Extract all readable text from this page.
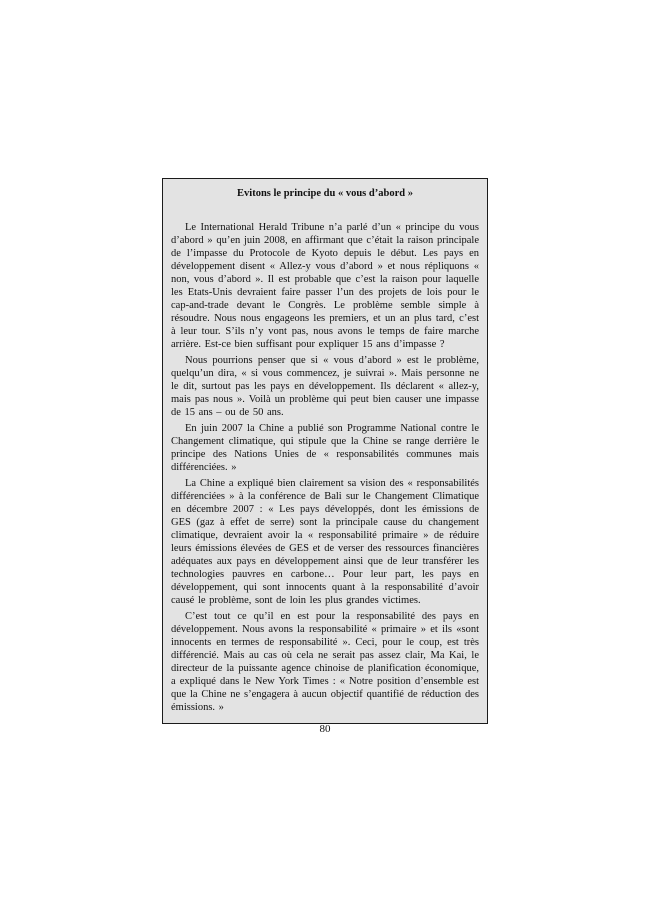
Evitons le principe du « vous d’abord »

Le International Herald Tribune n’a parlé d’un « principe du vous d’abord » qu’en juin 2008, en affirmant que c’était la raison principale de l’impasse du Protocole de Kyoto depuis le début. Les pays en développement disent « Allez-y vous d’abord » et nous répliquons « non, vous d’abord ». Il est probable que c’est la raison pour laquelle les Etats-Unis devraient faire passer l’un des projets de lois pour le cap-and-trade devant le Congrès. Le problème semble simple à résoudre. Nous nous engageons les premiers, et un an plus tard, c’est à leur tour. S’ils n’y vont pas, nous avons le temps de faire marche arrière. Est-ce bien suffisant pour expliquer 15 ans d’impasse ?

Nous pourrions penser que si « vous d’abord » est le problème, quelqu’un dira, « si vous commencez, je suivrai ». Mais personne ne le dit, surtout pas les pays en développement. Ils déclarent « allez-y, mais pas nous ». Voilà un problème qui peut bien causer une impasse de 15 ans – ou de 50 ans.

En juin 2007 la Chine a publié son Programme National contre le Changement climatique, qui stipule que la Chine se range derrière le principe des Nations Unies de « responsabilités communes mais différenciées. »

La Chine a expliqué bien clairement sa vision des « responsabilités différenciées » à la conférence de Bali sur le Changement Climatique en décembre 2007 : « Les pays développés, dont les émissions de GES (gaz à effet de serre) sont la principale cause du changement climatique, devraient avoir la « responsabilité primaire » de réduire leurs émissions élevées de GES et de verser des ressources financières adéquates aux pays en développement ainsi que de leur transférer les technologies pauvres en carbone… Pour leur part, les pays en développement, qui sont innocents quant à la responsabilité d’avoir causé le problème, sont de loin les plus grandes victimes.

C’est tout ce qu’il en est pour la responsabilité des pays en développement. Nous avons la responsabilité « primaire » et ils «sont innocents en termes de responsabilité ». Ceci, pour le coup, est très différencié. Mais au cas où cela ne serait pas assez clair, Ma Kai, le directeur de la puissante agence chinoise de planification économique, a expliqué dans le New York Times : « Notre position d’ensemble est que la Chine ne s’engagera à aucun objectif quantifié de réduction des émissions. »

80
